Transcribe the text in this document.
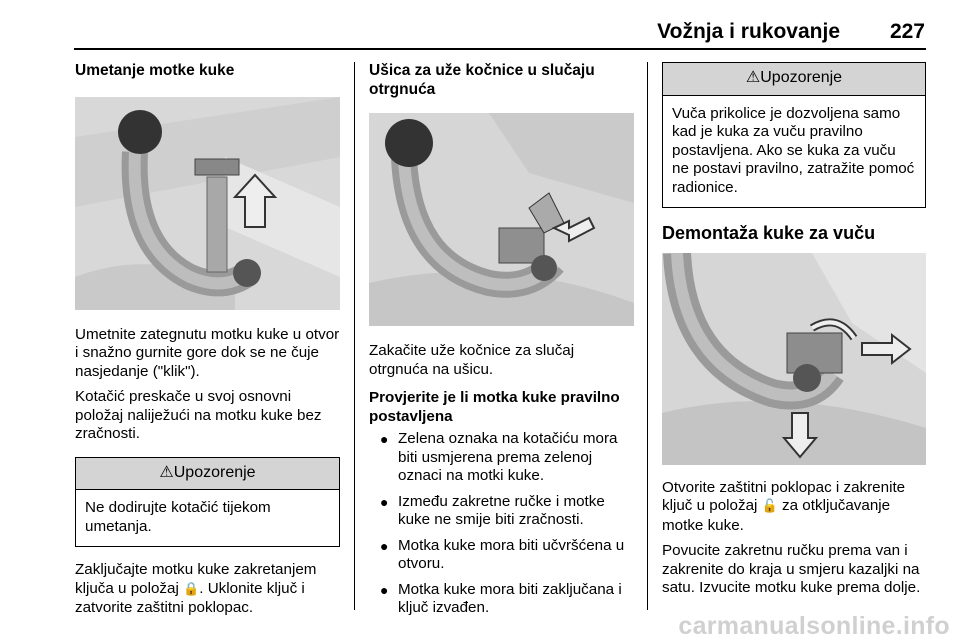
Vožnja i rukovanje	227

Umetanje motke kuke

Umetnite zategnutu motku kuke u otvor i snažno gurnite gore dok se ne čuje nasjedanje ("klik").

Kotačić preskače u svoj osnovni položaj naliježući na motku kuke bez zračnosti.

⚠Upozorenje
Ne dodirujte kotačić tijekom umetanja.

Zaključajte motku kuke zakretanjem ključa u položaj 🔒. Uklonite ključ i zatvorite zaštitni poklopac.

Ušica za uže kočnice u slučaju otrgnuća

Zakačite uže kočnice za slučaj otrgnuća na ušicu.

Provjerite je li motka kuke pravilno postavljena

● Zelena oznaka na kotačiću mora biti usmjerena prema zelenoj oznaci na motki kuke.
● Između zakretne ručke i motke kuke ne smije biti zračnosti.
● Motka kuke mora biti učvršćena u otvoru.
● Motka kuke mora biti zaključana i ključ izvađen.
⚠Upozorenje
Vuča prikolice je dozvoljena samo kad je kuka za vuču pravilno postavljena. Ako se kuka za vuču ne postavi pravilno, zatražite pomoć radionice.

Demontaža kuke za vuču

Otvorite zaštitni poklopac i zakrenite ključ u položaj 🔓 za otključavanje motke kuke.

Povucite zakretnu ručku prema van i zakrenite do kraja u smjeru kazaljki na satu. Izvucite motku kuke prema dolje.

carmanualsonline.info
